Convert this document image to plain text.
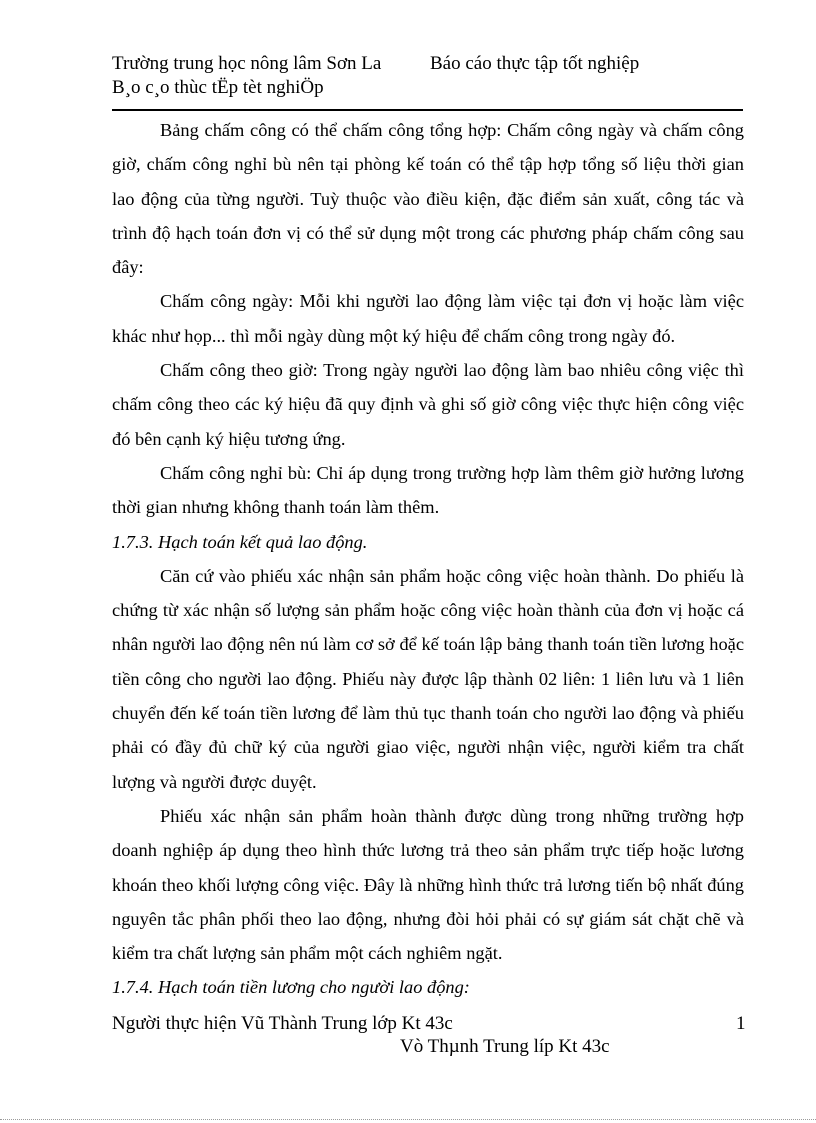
Trường trung học nông lâm Sơn La	Báo cáo thực tập tốt nghiệp
B¸o c¸o thùc tËp tèt nghiÖp

Bảng chấm công có thể chấm công tổng hợp: Chấm công ngày và chấm công giờ, chấm công nghỉ bù nên tại phòng kế toán có thể tập hợp tổng số liệu thời gian lao động của từng người. Tuỳ thuộc vào điều kiện, đặc điểm sản xuất, công tác và trình độ hạch toán đơn vị có thể sử dụng một trong các phương pháp chấm công sau đây:

Chấm công ngày: Mỗi khi người lao động làm việc tại đơn vị hoặc làm việc khác như họp... thì mỗi ngày dùng một ký hiệu để chấm công trong ngày đó.

Chấm công theo giờ: Trong ngày người lao động làm bao nhiêu công việc thì chấm công theo các ký hiệu đã quy định và ghi số giờ công việc thực hiện công việc đó bên cạnh ký hiệu tương ứng.

Chấm công nghỉ bù: Chỉ áp dụng trong trường hợp làm thêm giờ hưởng lương thời gian nhưng không thanh toán làm thêm.

1.7.3. Hạch toán kết quả lao động.

Căn cứ vào phiếu xác nhận sản phẩm hoặc công việc hoàn thành. Do phiếu là chứng từ xác nhận số lượng sản phẩm hoặc công việc hoàn thành của đơn vị hoặc cá nhân người lao động nên nú làm cơ sở để kế toán lập bảng thanh toán tiền lương hoặc tiền công cho người lao động. Phiếu này được lập thành 02 liên: 1 liên lưu và 1 liên chuyển đến kế toán tiền lương để làm thủ tục thanh toán cho người lao động và phiếu phải có đầy đủ chữ ký của người giao việc, người nhận việc, người kiểm tra chất lượng và người được duyệt.

Phiếu xác nhận sản phẩm hoàn thành được dùng trong những trường hợp doanh nghiệp áp dụng theo hình thức lương trả theo sản phẩm trực tiếp hoặc lương khoán theo khối lượng công việc. Đây là những hình thức trả lương tiến bộ nhất đúng nguyên tắc phân phối theo lao động, nhưng đòi hỏi phải có sự giám sát chặt chẽ và kiểm tra chất lượng sản phẩm một cách nghiêm ngặt.

1.7.4. Hạch toán tiền lương cho người lao động:

Người thực hiện Vũ Thành Trung lớp Kt 43c	1
Vò Thµnh Trung líp Kt 43c
